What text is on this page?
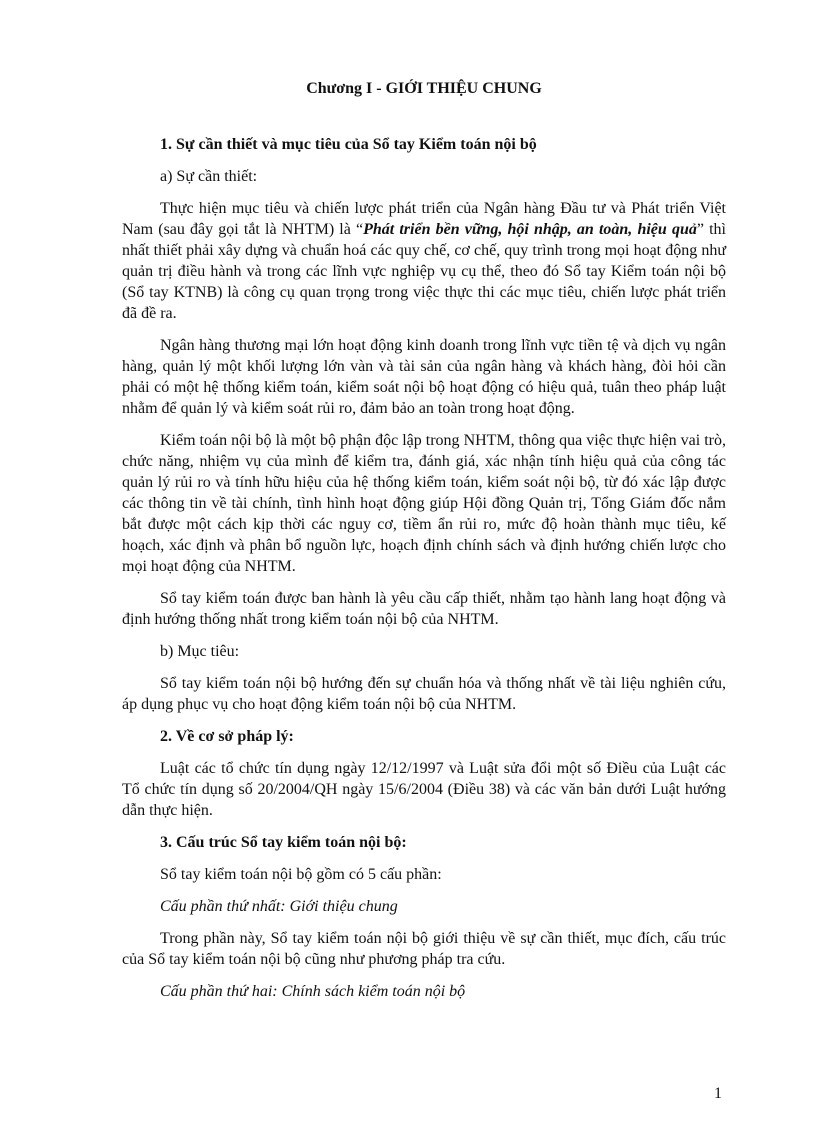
Chương I - GIỚI THIỆU CHUNG
1. Sự cần thiết và mục tiêu của Sổ tay Kiểm toán nội bộ
a) Sự cần thiết:

Thực hiện mục tiêu và chiến lược phát triển của Ngân hàng Đầu tư và Phát triển Việt Nam (sau đây gọi tắt là NHTM) là “Phát triển bền vững, hội nhập, an toàn, hiệu quả” thì nhất thiết phải xây dựng và chuẩn hoá các quy chế, cơ chế, quy trình trong mọi hoạt động như quản trị điều hành và trong các lĩnh vực nghiệp vụ cụ thể, theo đó Sổ tay Kiểm toán nội bộ (Sổ tay KTNB) là công cụ quan trọng trong việc thực thi các mục tiêu, chiến lược phát triển đã đề ra.

Ngân hàng thương mại lớn hoạt động kinh doanh trong lĩnh vực tiền tệ và dịch vụ ngân hàng, quản lý một khối lượng lớn vàn và tài sản của ngân hàng và khách hàng, đòi hỏi cần phải có một hệ thống kiểm toán, kiểm soát nội bộ hoạt động có hiệu quả, tuân theo pháp luật nhằm để quản lý và kiểm soát rủi ro, đảm bảo an toàn trong hoạt động.

Kiểm toán nội bộ là một bộ phận độc lập trong NHTM, thông qua việc thực hiện vai trò, chức năng, nhiệm vụ của mình để kiểm tra, đánh giá, xác nhận tính hiệu quả của công tác quản lý rủi ro và tính hữu hiệu của hệ thống kiểm toán, kiểm soát nội bộ, từ đó xác lập được các thông tin về tài chính, tình hình hoạt động giúp Hội đồng Quản trị, Tổng Giám đốc nắm bắt được một cách kịp thời các nguy cơ, tiềm ẩn rủi ro, mức độ hoàn thành mục tiêu, kế hoạch, xác định và phân bổ nguồn lực, hoạch định chính sách và định hướng chiến lược cho mọi hoạt động của NHTM.

Sổ tay kiểm toán được ban hành là yêu cầu cấp thiết, nhằm tạo hành lang hoạt động và định hướng thống nhất trong kiểm toán nội bộ của NHTM.

b) Mục tiêu:

Sổ tay kiểm toán nội bộ hướng đến sự chuẩn hóa và thống nhất về tài liệu nghiên cứu, áp dụng phục vụ cho hoạt động kiểm toán nội bộ của NHTM.

2. Về cơ sở pháp lý:

Luật các tổ chức tín dụng ngày 12/12/1997 và Luật sửa đổi một số Điều của Luật các Tổ chức tín dụng số 20/2004/QH ngày 15/6/2004 (Điều 38) và các văn bản dưới Luật hướng dẫn thực hiện.

3. Cấu trúc Sổ tay kiểm toán nội bộ:

Sổ tay kiểm toán nội bộ gồm có 5 cấu phần:

Cấu phần thứ nhất: Giới thiệu chung

Trong phần này, Sổ tay kiểm toán nội bộ giới thiệu về sự cần thiết, mục đích, cấu trúc của Sổ tay kiểm toán nội bộ cũng như phương pháp tra cứu.

Cấu phần thứ hai: Chính sách kiểm toán nội bộ
1
